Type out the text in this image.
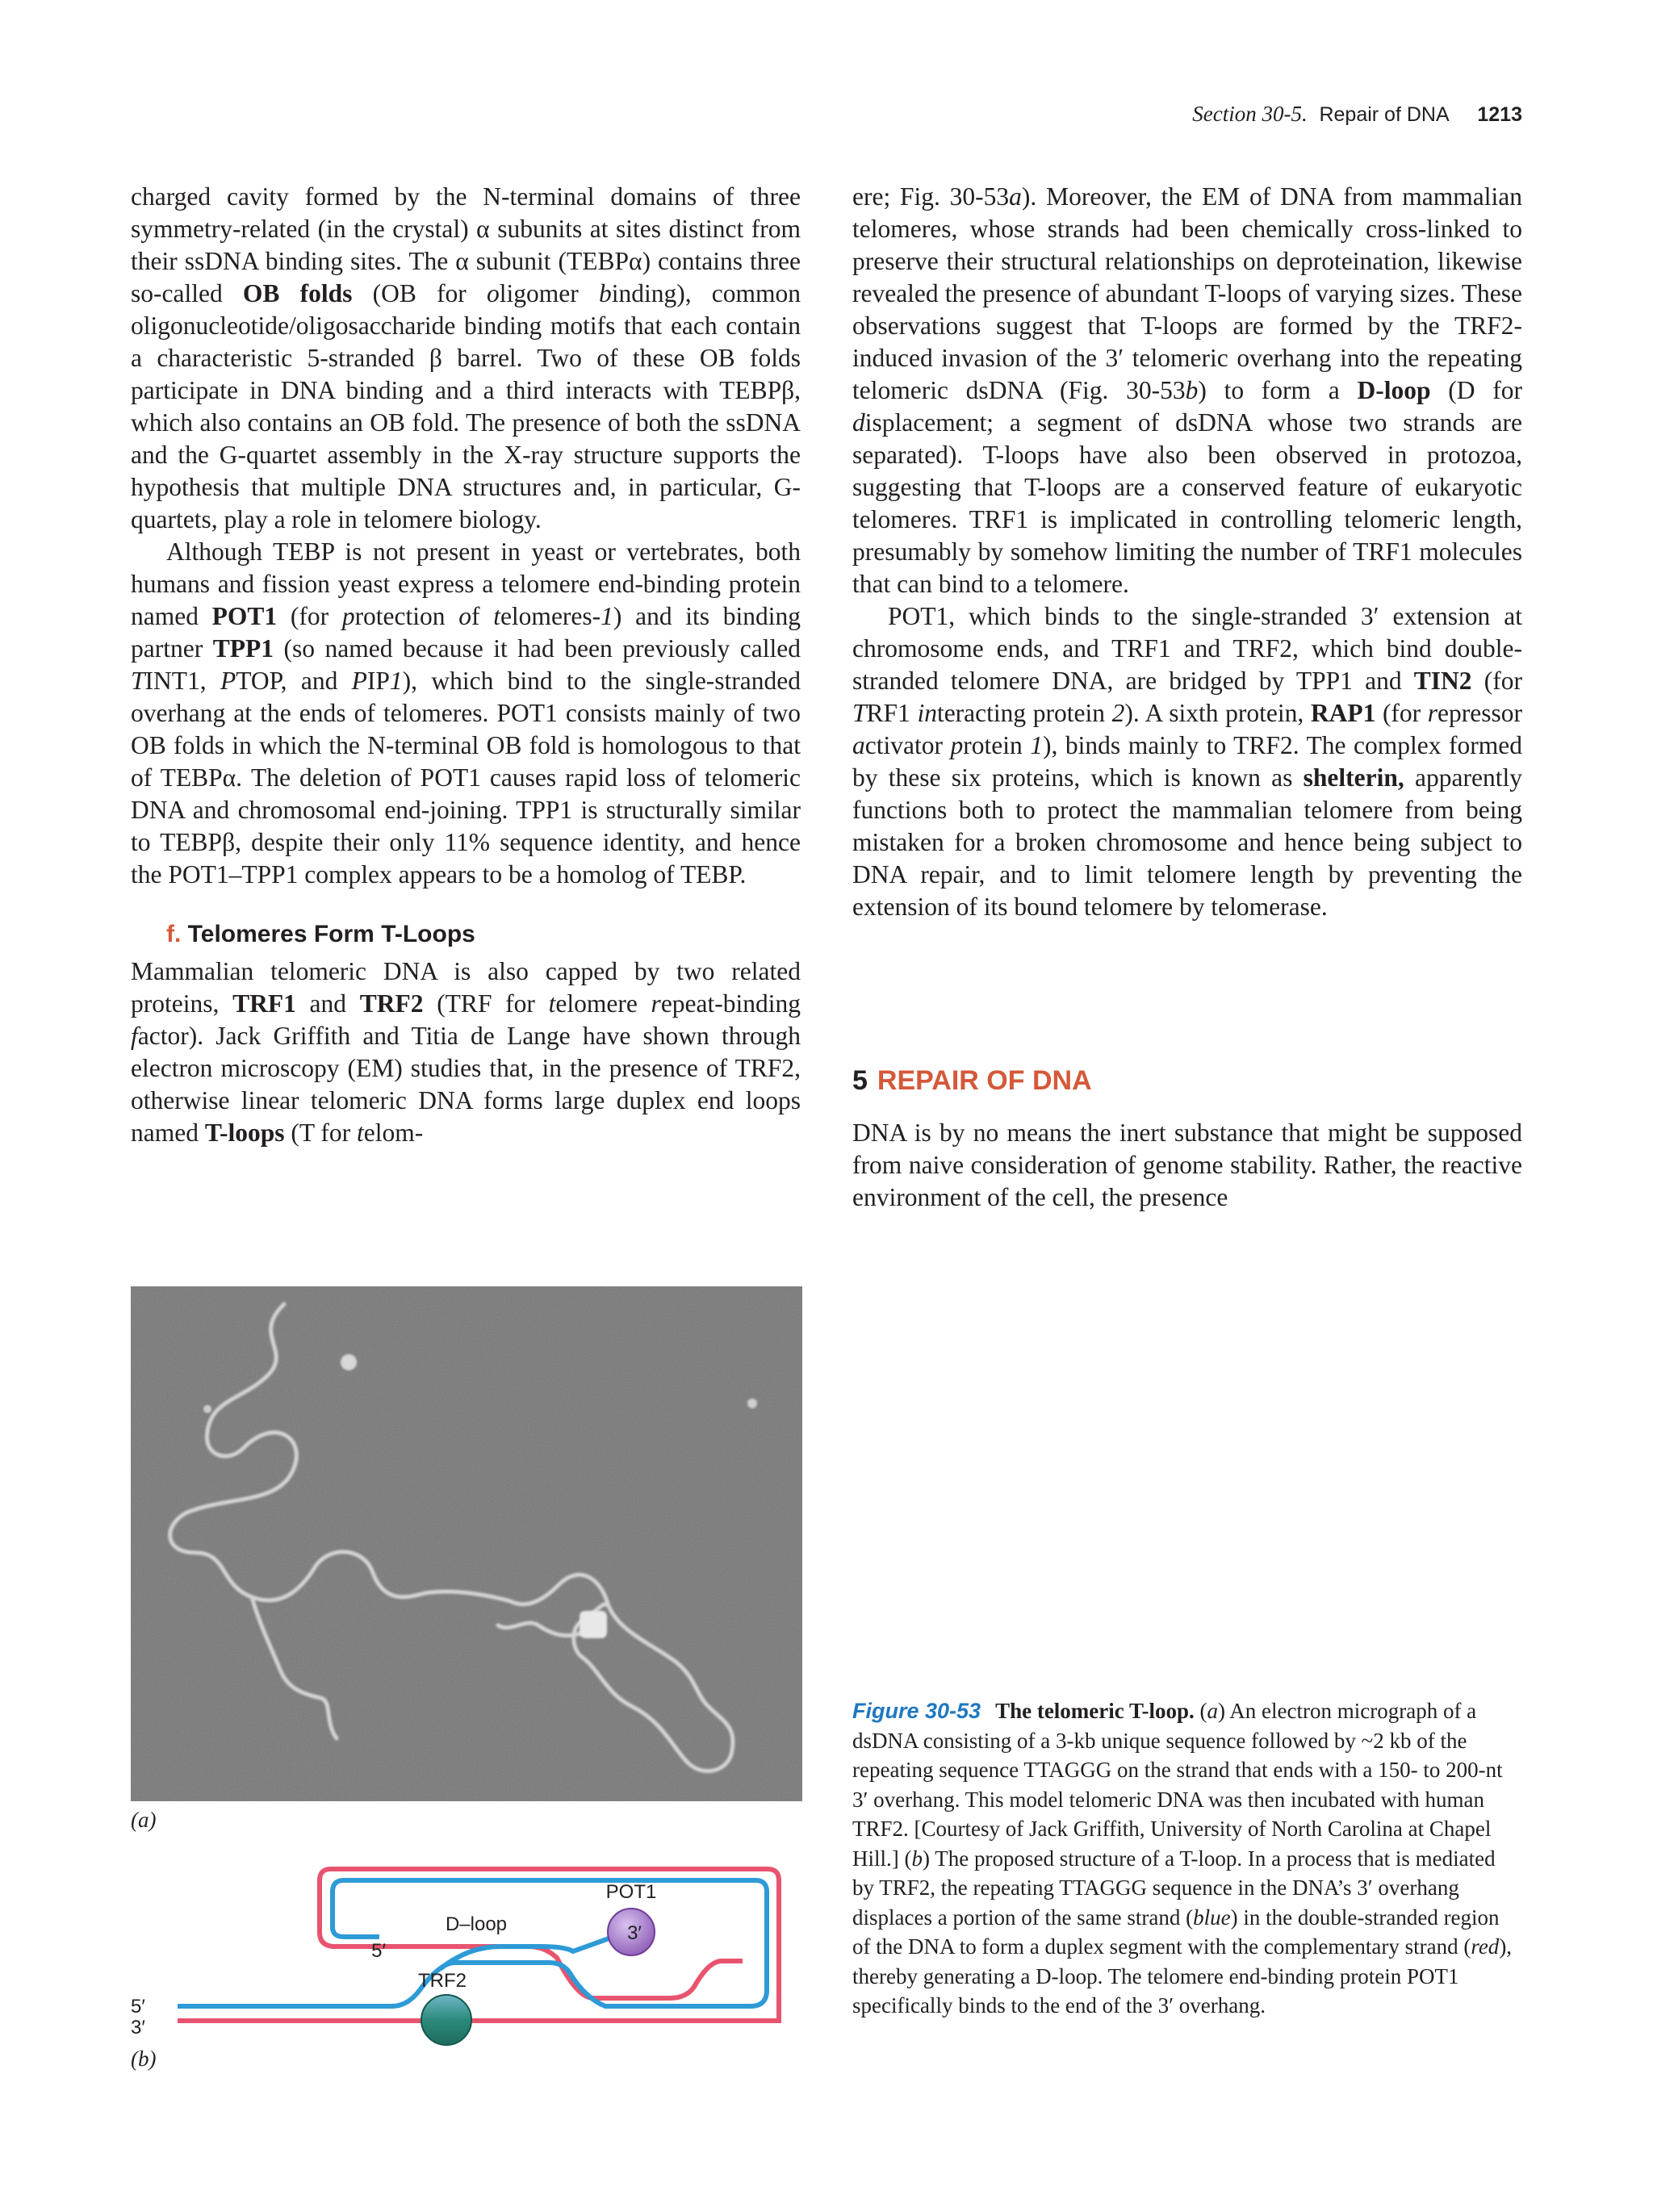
Section 30-5. Repair of DNA 1213

charged cavity formed by the N-terminal domains of three symmetry-related (in the crystal) α subunits at sites distinct from their ssDNA binding sites. The α subunit (TEBPα) contains three so-called OB folds (OB for oligomer binding), common oligonucleotide/oligosaccharide binding motifs that each contain a characteristic 5-stranded β barrel. Two of these OB folds participate in DNA binding and a third interacts with TEBPβ, which also contains an OB fold. The presence of both the ssDNA and the G-quartet assembly in the X-ray structure supports the hypothesis that multiple DNA structures and, in particular, G-quartets, play a role in telomere biology.

Although TEBP is not present in yeast or vertebrates, both humans and fission yeast express a telomere end-binding protein named POT1 (for protection of telomeres-1) and its binding partner TPP1 (so named because it had been previously called TINT1, PTOP, and PIP1), which bind to the single-stranded overhang at the ends of telomeres. POT1 consists mainly of two OB folds in which the N-terminal OB fold is homologous to that of TEBPα. The deletion of POT1 causes rapid loss of telomeric DNA and chromosomal end-joining. TPP1 is structurally similar to TEBPβ, despite their only 11% sequence identity, and hence the POT1–TPP1 complex appears to be a homolog of TEBP.

f. Telomeres Form T-Loops

Mammalian telomeric DNA is also capped by two related proteins, TRF1 and TRF2 (TRF for telomere repeat-binding factor). Jack Griffith and Titia de Lange have shown through electron microscopy (EM) studies that, in the presence of TRF2, otherwise linear telomeric DNA forms large duplex end loops named T-loops (T for telom-

ere; Fig. 30-53a). Moreover, the EM of DNA from mammalian telomeres, whose strands had been chemically cross-linked to preserve their structural relationships on deproteination, likewise revealed the presence of abundant T-loops of varying sizes. These observations suggest that T-loops are formed by the TRF2-induced invasion of the 3′ telomeric overhang into the repeating telomeric dsDNA (Fig. 30-53b) to form a D-loop (D for displacement; a segment of dsDNA whose two strands are separated). T-loops have also been observed in protozoa, suggesting that T-loops are a conserved feature of eukaryotic telomeres. TRF1 is implicated in controlling telomeric length, presumably by somehow limiting the number of TRF1 molecules that can bind to a telomere.

POT1, which binds to the single-stranded 3′ extension at chromosome ends, and TRF1 and TRF2, which bind double-stranded telomere DNA, are bridged by TPP1 and TIN2 (for TRF1 interacting protein 2). A sixth protein, RAP1 (for repressor activator protein 1), binds mainly to TRF2. The complex formed by these six proteins, which is known as shelterin, apparently functions both to protect the mammalian telomere from being mistaken for a broken chromosome and hence being subject to DNA repair, and to limit telomere length by preventing the extension of its bound telomere by telomerase.

5 REPAIR OF DNA

DNA is by no means the inert substance that might be supposed from naive consideration of genome stability. Rather, the reactive environment of the cell, the presence

(a)
POT1
3′
D–loop
5′
TRF2
5′
3′
(b)
Figure 30-53 The telomeric T-loop. (a) An electron micrograph of a dsDNA consisting of a 3-kb unique sequence followed by ~2 kb of the repeating sequence TTAGGG on the strand that ends with a 150- to 200-nt 3′ overhang. This model telomeric DNA was then incubated with human TRF2. [Courtesy of Jack Griffith, University of North Carolina at Chapel Hill.] (b) The proposed structure of a T-loop. In a process that is mediated by TRF2, the repeating TTAGGG sequence in the DNA’s 3′ overhang displaces a portion of the same strand (blue) in the double-stranded region of the DNA to form a duplex segment with the complementary strand (red), thereby generating a D-loop. The telomere end-binding protein POT1 specifically binds to the end of the 3′ overhang.
